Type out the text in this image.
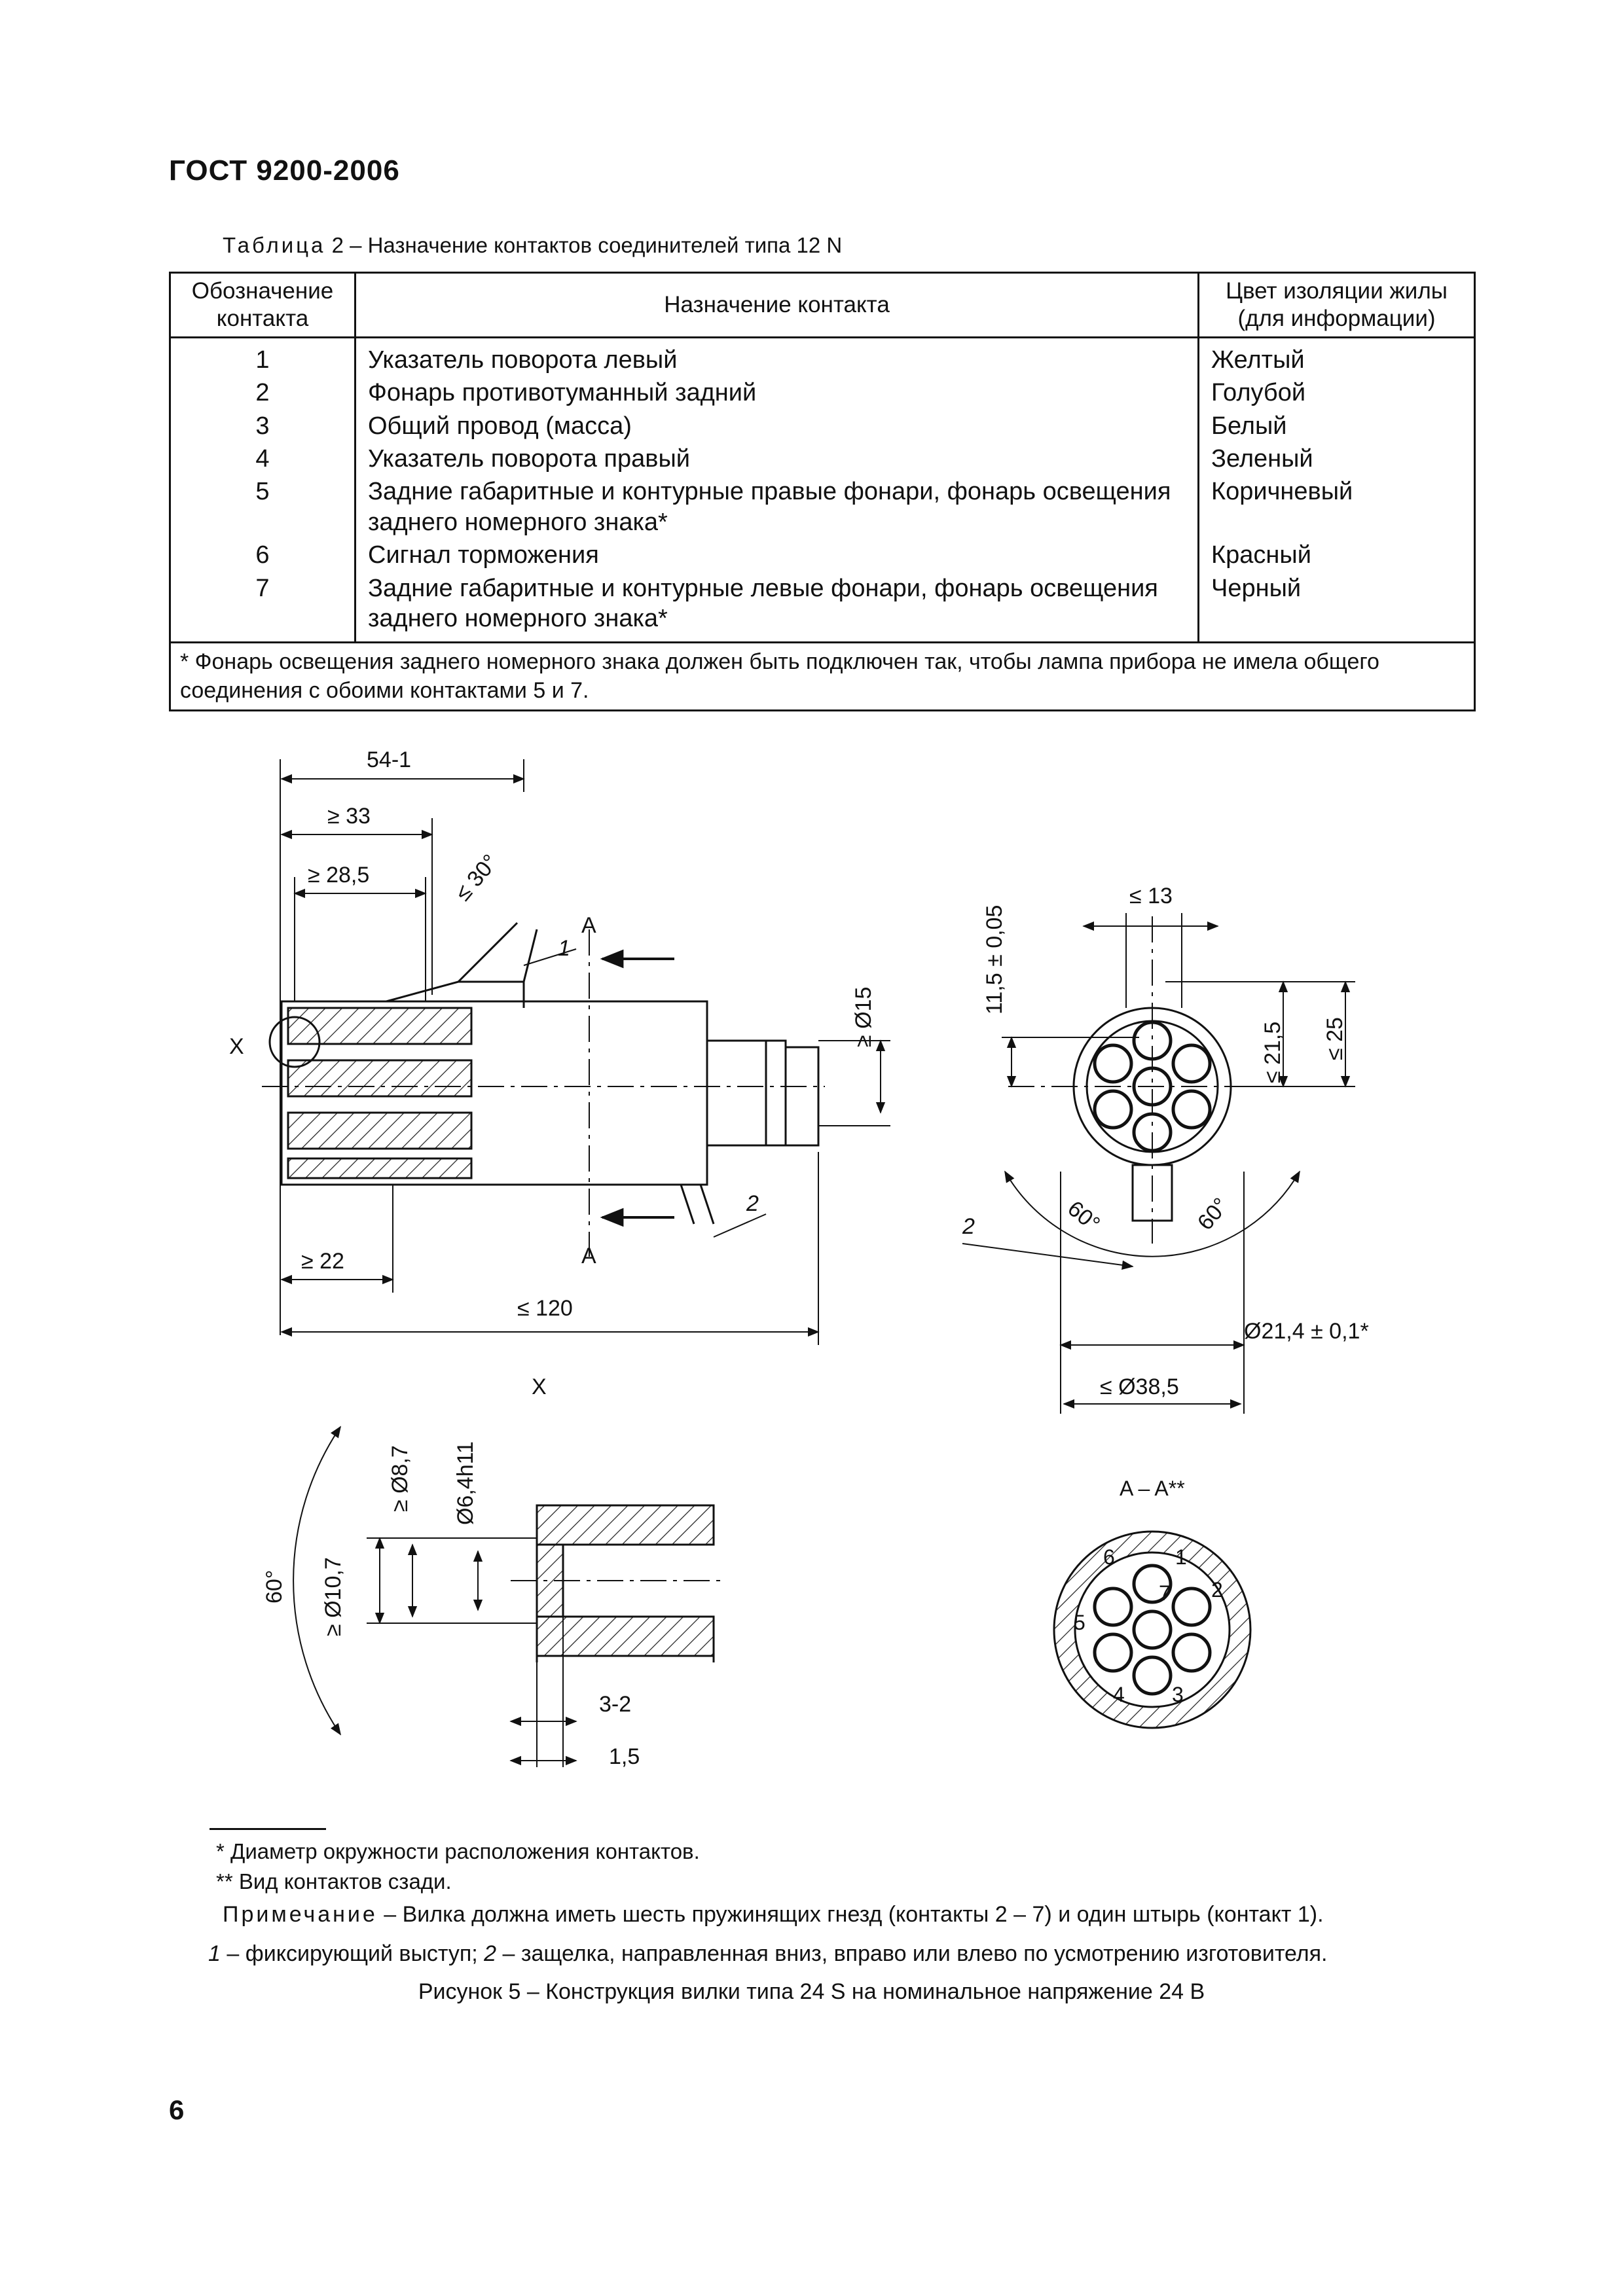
ГОСТ 9200-2006
Таблица 2 – Назначение контактов соединителей типа 12 N
Обозначение контакта	Назначение контакта	Цвет изоляции жилы (для информации)
1	Указатель поворота левый	Желтый
2	Фонарь противотуманный задний	Голубой
3	Общий провод (масса)	Белый
4	Указатель поворота правый	Зеленый
5	Задние габаритные и контурные правые фонари, фонарь освещения заднего номерного знака*	Коричневый
6	Сигнал торможения	Красный
7	Задние габаритные и контурные левые фонари, фонарь освещения заднего номерного знака*	Черный
* Фонарь освещения заднего номерного знака должен быть подключен так, чтобы лампа прибора не имела общего соединения с обоими контактами 5 и 7.		
54-1
≥ 33
≥ 28,5	≤ 30°
≥ Ø15
≥ 22
≤ 120
A
A
X
1
2
≤ 13
11,5 ± 0,05
≤ 21,5 ≤ 25
60°	60°
Ø21,4 ± 0,1*
≤ Ø38,5
2
X
≥ Ø8,7 Ø6,4h11
≥ Ø10,7
60°
3-2
1,5
A – A**
1
2
3
4
5
6
7
* Диаметр окружности расположения контактов.
** Вид контактов сзади.
Примечание – Вилка должна иметь шесть пружинящих гнезд (контакты 2 – 7) и один штырь (контакт 1).
1 – фиксирующий выступ; 2 – защелка, направленная вниз, вправо или влево по усмотрению изготовителя.
Рисунок 5 – Конструкция вилки типа 24 S на номинальное напряжение 24 В
6
